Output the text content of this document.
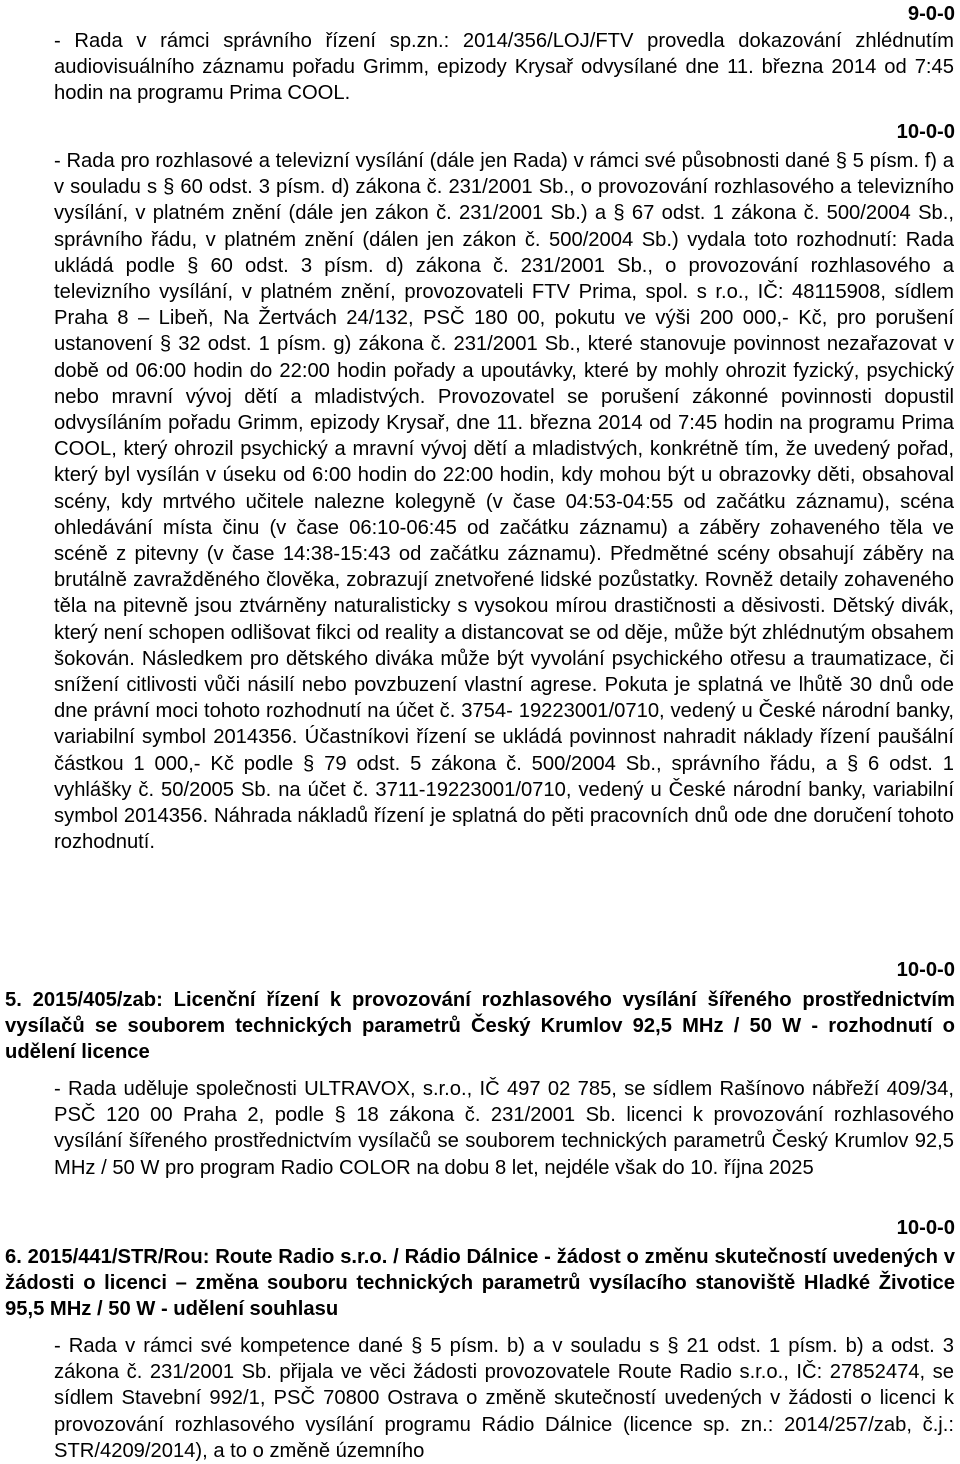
9-0-0
- Rada v rámci správního řízení sp.zn.: 2014/356/LOJ/FTV provedla dokazování zhlédnutím audiovisuálního záznamu pořadu Grimm, epizody Krysař odvysílané dne 11. března 2014 od 7:45 hodin na programu Prima COOL.
10-0-0
- Rada pro rozhlasové a televizní vysílání (dále jen Rada) v rámci své působnosti dané § 5 písm. f) a v souladu s § 60 odst. 3 písm. d) zákona č. 231/2001 Sb., o provozování rozhlasového a televizního vysílání, v platném znění (dále jen zákon č. 231/2001 Sb.) a § 67 odst. 1 zákona č. 500/2004 Sb., správního řádu, v platném znění (dálen jen zákon č. 500/2004 Sb.) vydala toto rozhodnutí: Rada ukládá podle § 60 odst. 3 písm. d) zákona č. 231/2001 Sb., o provozování rozhlasového a televizního vysílání, v platném znění, provozovateli FTV Prima, spol. s r.o., IČ: 48115908, sídlem Praha 8 – Libeň, Na Žertvách 24/132, PSČ 180 00, pokutu ve výši 200 000,- Kč, pro porušení ustanovení § 32 odst. 1 písm. g) zákona č. 231/2001 Sb., které stanovuje povinnost nezařazovat v době od 06:00 hodin do 22:00 hodin pořady a upoutávky, které by mohly ohrozit fyzický, psychický nebo mravní vývoj dětí a mladistvých. Provozovatel se porušení zákonné povinnosti dopustil odvysíláním pořadu Grimm, epizody Krysař, dne 11. března 2014 od 7:45 hodin na programu Prima COOL, který ohrozil psychický a mravní vývoj dětí a mladistvých, konkrétně tím, že uvedený pořad, který byl vysílán v úseku od 6:00 hodin do 22:00 hodin, kdy mohou být u obrazovky děti, obsahoval scény, kdy mrtvého učitele nalezne kolegyně (v čase 04:53-04:55 od začátku záznamu), scéna ohledávání místa činu (v čase 06:10-06:45 od začátku záznamu) a záběry zohaveného těla ve scéně z pitevny (v čase 14:38-15:43 od začátku záznamu). Předmětné scény obsahují záběry na brutálně zavražděného člověka, zobrazují znetvořené lidské pozůstatky. Rovněž detaily zohaveného těla na pitevně jsou ztvárněny naturalisticky s vysokou mírou drastičnosti a děsivosti. Dětský divák, který není schopen odlišovat fikci od reality a distancovat se od děje, může být zhlédnutým obsahem šokován. Následkem pro dětského diváka může být vyvolání psychického otřesu a traumatizace, či snížení citlivosti vůči násilí nebo povzbuzení vlastní agrese. Pokuta je splatná ve lhůtě 30 dnů ode dne právní moci tohoto rozhodnutí na účet č. 3754- 19223001/0710, vedený u České národní banky, variabilní symbol 2014356. Účastníkovi řízení se ukládá povinnost nahradit náklady řízení paušální částkou 1 000,- Kč podle § 79 odst. 5 zákona č. 500/2004 Sb., správního řádu, a § 6 odst. 1 vyhlášky č. 50/2005 Sb. na účet č. 3711-19223001/0710, vedený u České národní banky, variabilní symbol 2014356. Náhrada nákladů řízení je splatná do pěti pracovních dnů ode dne doručení tohoto rozhodnutí.
10-0-0
5. 2015/405/zab: Licenční řízení k provozování rozhlasového vysílání šířeného prostřednictvím vysílačů se souborem technických parametrů Český Krumlov 92,5 MHz / 50 W - rozhodnutí o udělení licence
- Rada uděluje společnosti ULTRAVOX, s.r.o., IČ 497 02 785, se sídlem Rašínovo nábřeží 409/34, PSČ 120 00 Praha 2, podle § 18 zákona č. 231/2001 Sb. licenci k provozování rozhlasového vysílání šířeného prostřednictvím vysílačů se souborem technických parametrů Český Krumlov 92,5 MHz / 50 W pro program Radio COLOR na dobu 8 let, nejdéle však do 10. října 2025
10-0-0
6. 2015/441/STR/Rou: Route Radio s.r.o. / Rádio Dálnice - žádost o změnu skutečností uvedených v žádosti o licenci – změna souboru technických parametrů vysílacího stanoviště Hladké Životice 95,5 MHz / 50 W - udělení souhlasu
- Rada v rámci své kompetence dané § 5 písm. b) a v souladu s § 21 odst. 1 písm. b) a odst. 3 zákona č. 231/2001 Sb. přijala ve věci žádosti provozovatele Route Radio s.r.o., IČ: 27852474, se sídlem Stavební 992/1, PSČ 70800 Ostrava o změně skutečností uvedených v žádosti o licenci k provozování rozhlasového vysílání programu Rádio Dálnice (licence sp. zn.: 2014/257/zab, č.j.: STR/4209/2014), a to o změně územního
